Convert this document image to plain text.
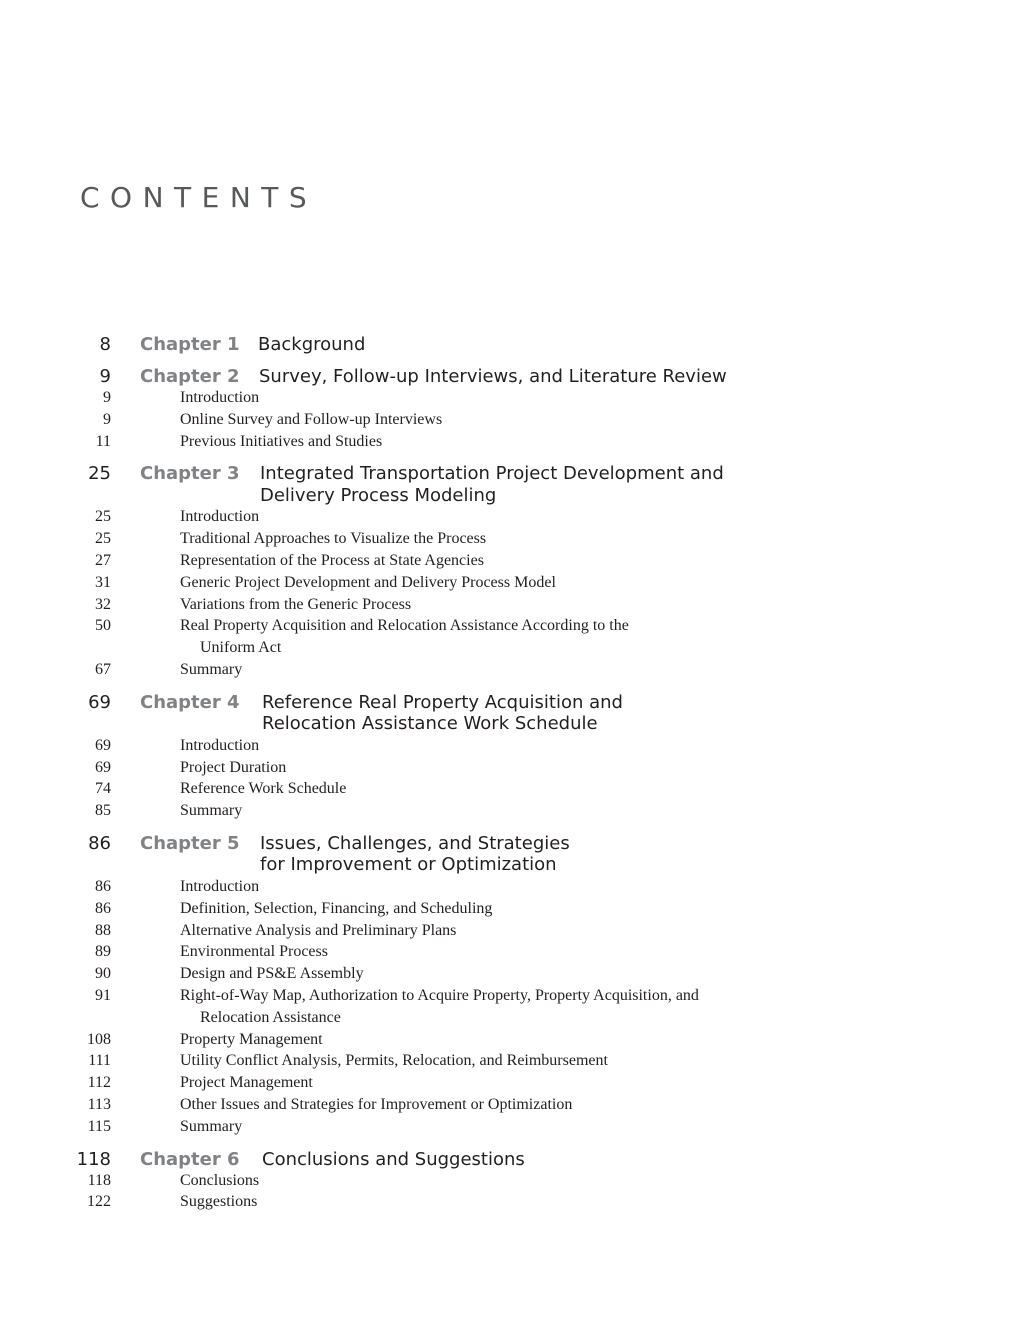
CONTENTS
8 Chapter 1 Background
9 Chapter 2 Survey, Follow-up Interviews, and Literature Review
9	Introduction
9	Online Survey and Follow-up Interviews
11	Previous Initiatives and Studies
25 Chapter 3 Integrated Transportation Project Development and Delivery Process Modeling
25	Introduction
25	Traditional Approaches to Visualize the Process
27	Representation of the Process at State Agencies
31	Generic Project Development and Delivery Process Model
32	Variations from the Generic Process
50	Real Property Acquisition and Relocation Assistance According to the Uniform Act
67	Summary
69 Chapter 4 Reference Real Property Acquisition and Relocation Assistance Work Schedule
69	Introduction
69	Project Duration
74	Reference Work Schedule
85	Summary
86 Chapter 5 Issues, Challenges, and Strategies for Improvement or Optimization
86	Introduction
86	Definition, Selection, Financing, and Scheduling
88	Alternative Analysis and Preliminary Plans
89	Environmental Process
90	Design and PS&E Assembly
91	Right-of-Way Map, Authorization to Acquire Property, Property Acquisition, and Relocation Assistance
108	Property Management
111	Utility Conflict Analysis, Permits, Relocation, and Reimbursement
112	Project Management
113	Other Issues and Strategies for Improvement or Optimization
115	Summary
118 Chapter 6 Conclusions and Suggestions
118	Conclusions
122	Suggestions
